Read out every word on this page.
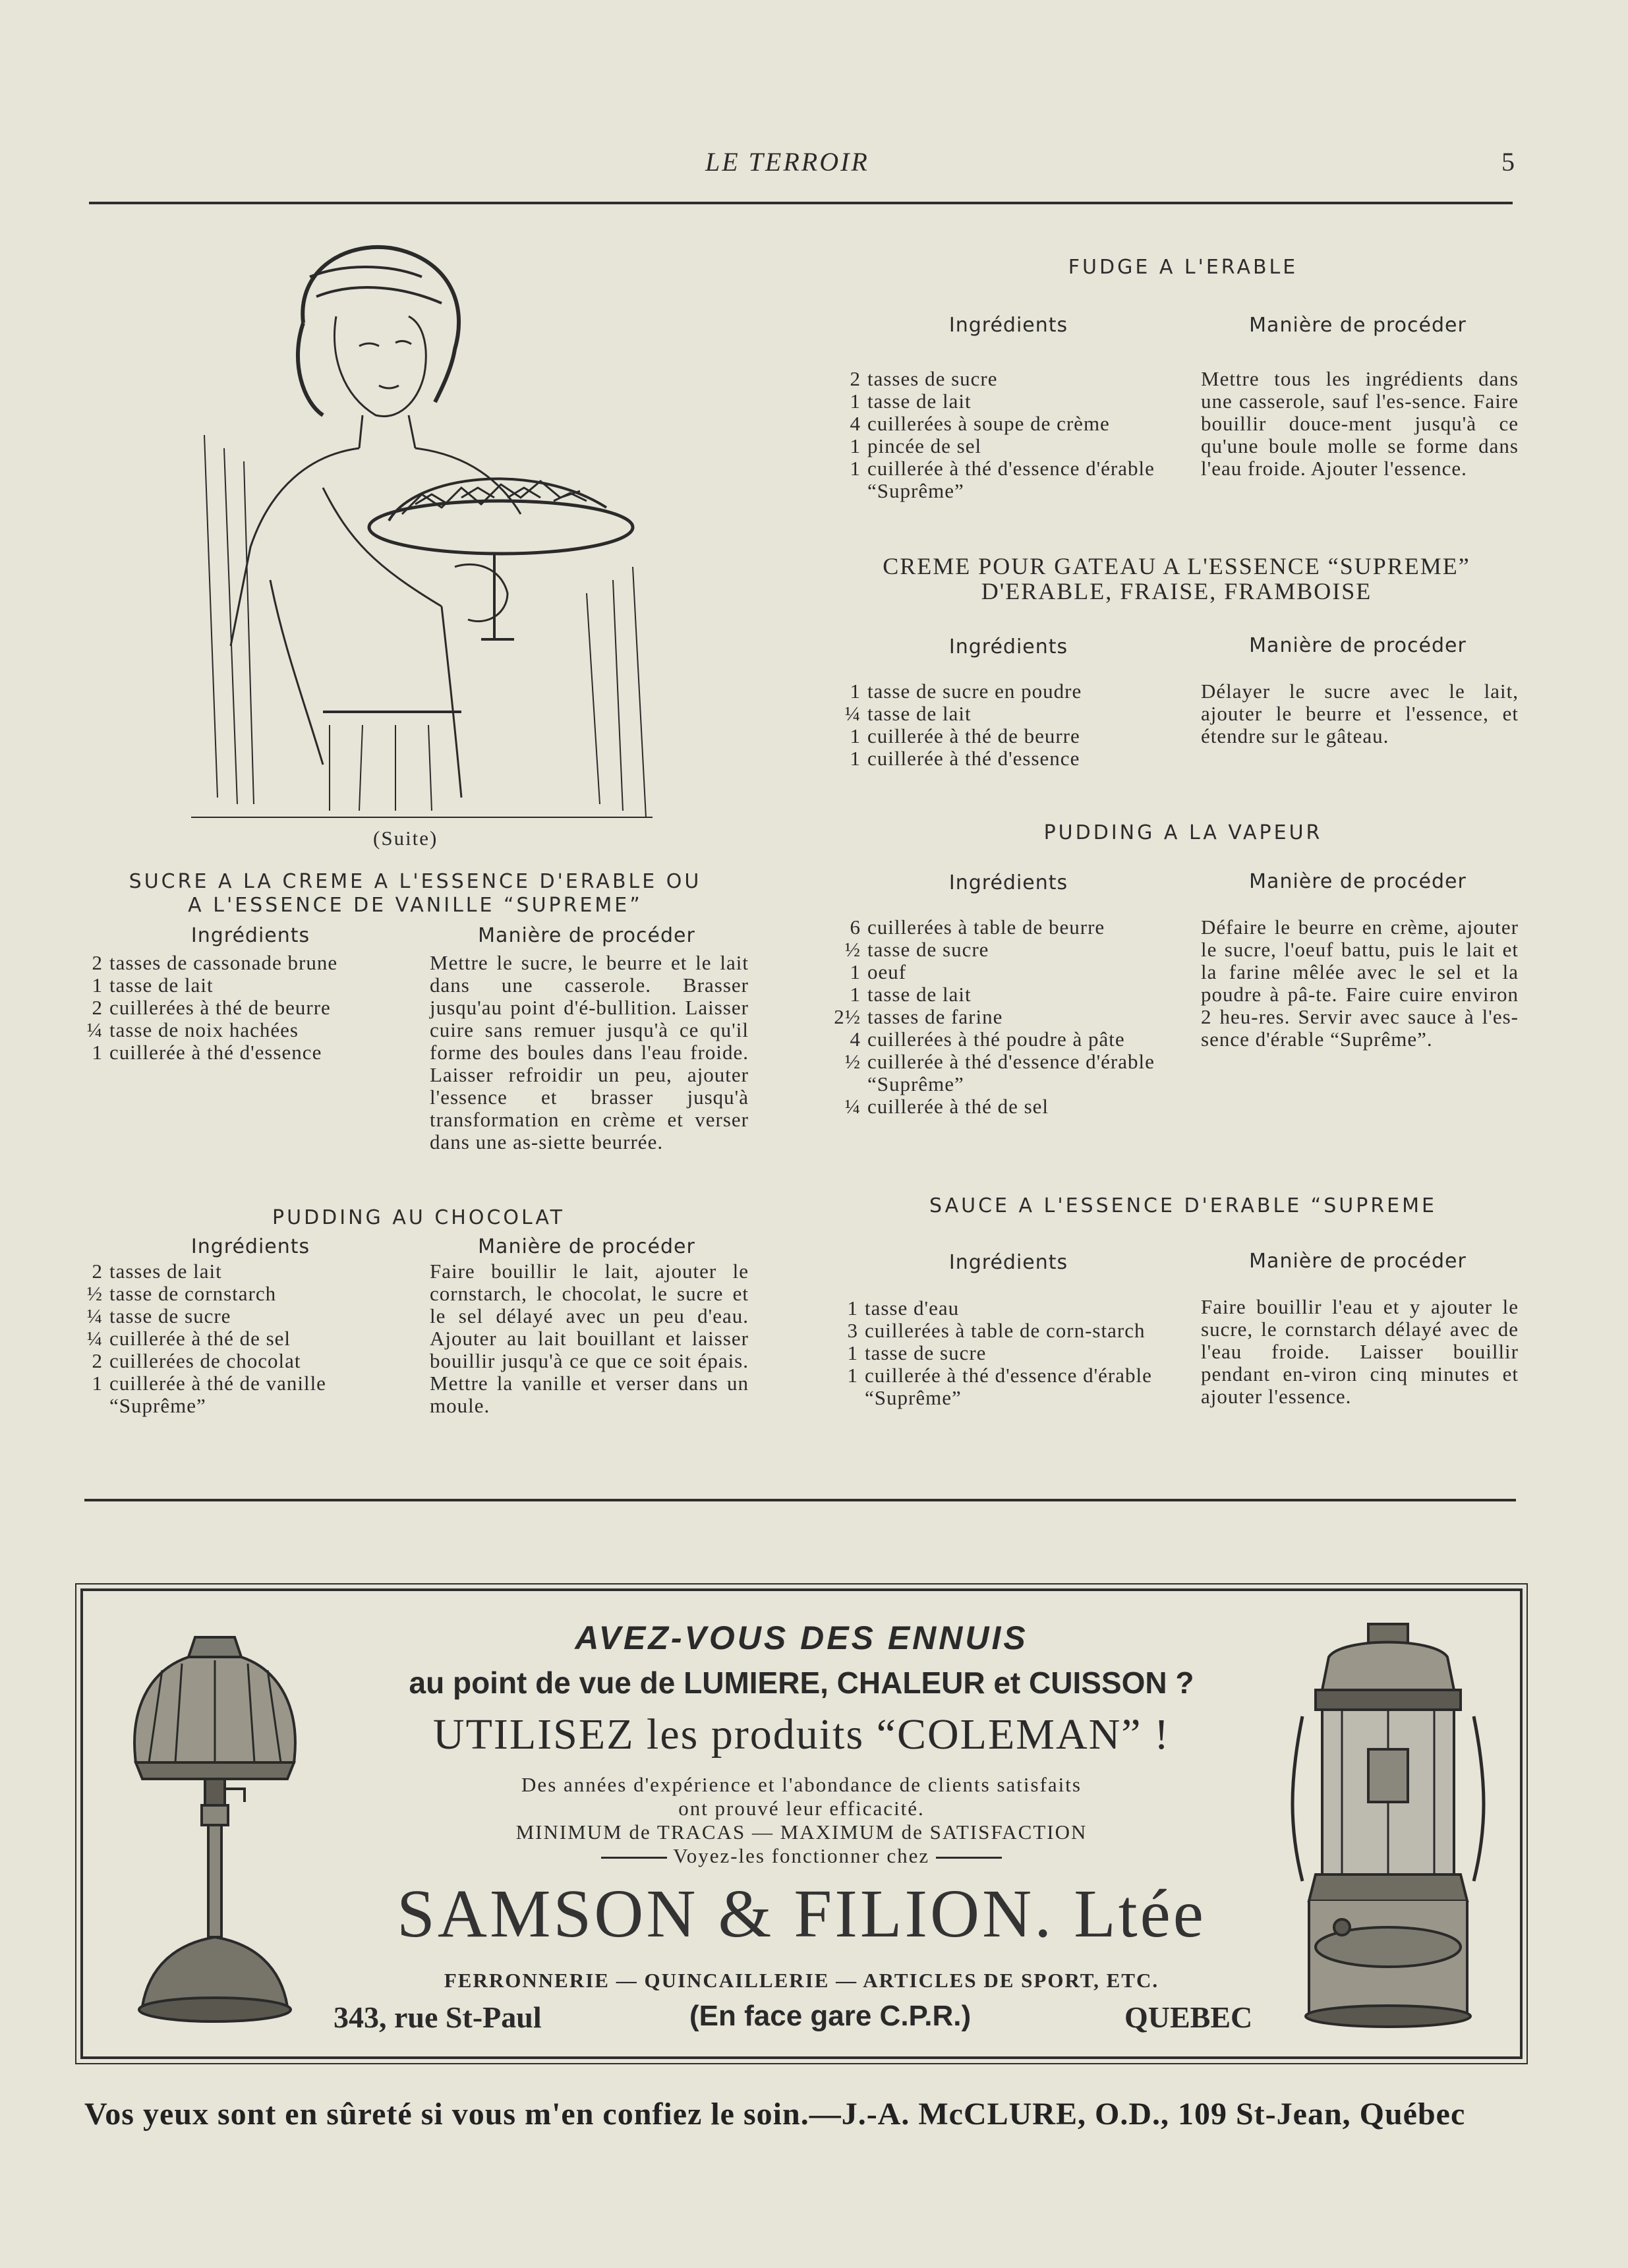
LE TERROIR	5
(Suite)
SUCRE A LA CREME A L'ESSENCE D'ERABLE OU
A L'ESSENCE DE VANILLE “SUPREME”
Ingrédients	Manière de procéder
2 tasses de cassonade brune
1 tasse de lait
2 cuillerées à thé de beurre
¼ tasse de noix hachées
1 cuillerée à thé d'essence
Mettre le sucre, le beurre et le lait dans une casserole. Brasser jusqu'au point d'é-bullition. Laisser cuire sans remuer jusqu'à ce qu'il forme des boules dans l'eau froide. Laisser refroidir un peu, ajouter l'essence et brasser jusqu'à transformation en crème et verser dans une as-siette beurrée.
PUDDING AU CHOCOLAT
Ingrédients	Manière de procéder
2 tasses de lait
½ tasse de cornstarch
¼ tasse de sucre
¼ cuillerée à thé de sel
2 cuillerées de chocolat
1 cuillerée à thé de vanille “Suprême”
Faire bouillir le lait, ajouter le cornstarch, le chocolat, le sucre et le sel délayé avec un peu d'eau. Ajouter au lait bouillant et laisser bouillir jusqu'à ce que ce soit épais. Mettre la vanille et verser dans un moule.
FUDGE A L'ERABLE
Ingrédients	Manière de procéder
2 tasses de sucre
1 tasse de lait
4 cuillerées à soupe de crème
1 pincée de sel
1 cuillerée à thé d'essence d'érable “Suprême”
Mettre tous les ingrédients dans une casserole, sauf l'es-sence. Faire bouillir douce-ment jusqu'à ce qu'une boule molle se forme dans l'eau froide. Ajouter l'essence.
CREME POUR GATEAU A L'ESSENCE “SUPREME”
D'ERABLE, FRAISE, FRAMBOISE
Ingrédients	Manière de procéder
1 tasse de sucre en poudre
¼ tasse de lait
1 cuillerée à thé de beurre
1 cuillerée à thé d'essence
Délayer le sucre avec le lait, ajouter le beurre et l'essence, et étendre sur le gâteau.
PUDDING A LA VAPEUR
Ingrédients	Manière de procéder
6 cuillerées à table de beurre
½ tasse de sucre
1 oeuf
1 tasse de lait
2½ tasses de farine
4 cuillerées à thé poudre à pâte
½ cuillerée à thé d'essence d'érable “Suprême”
¼ cuillerée à thé de sel
Défaire le beurre en crème, ajouter le sucre, l'oeuf battu, puis le lait et la farine mêlée avec le sel et la poudre à pâ-te. Faire cuire environ 2 heu-res. Servir avec sauce à l'es-sence d'érable “Suprême”.
SAUCE A L'ESSENCE D'ERABLE “SUPREME
Ingrédients	Manière de procéder
1 tasse d'eau
3 cuillerées à table de corn-starch
1 tasse de sucre
1 cuillerée à thé d'essence d'érable “Suprême”
Faire bouillir l'eau et y ajouter le sucre, le cornstarch délayé avec de l'eau froide. Laisser bouillir pendant en-viron cinq minutes et ajouter l'essence.
AVEZ-VOUS DES ENNUIS
au point de vue de LUMIERE, CHALEUR et CUISSON ?
UTILISEZ les produits “COLEMAN” !
Des années d'expérience et l'abondance de clients satisfaits
ont prouvé leur efficacité.
MINIMUM de TRACAS — MAXIMUM de SATISFACTION
Voyez-les fonctionner chez
SAMSON & FILION. Ltée
FERRONNERIE — QUINCAILLERIE — ARTICLES DE SPORT, ETC.
343, rue St-Paul	(En face gare C.P.R.)	QUEBEC
Vos yeux sont en sûreté si vous m'en confiez le soin.—J.-A. McCLURE, O.D., 109 St-Jean, Québec
